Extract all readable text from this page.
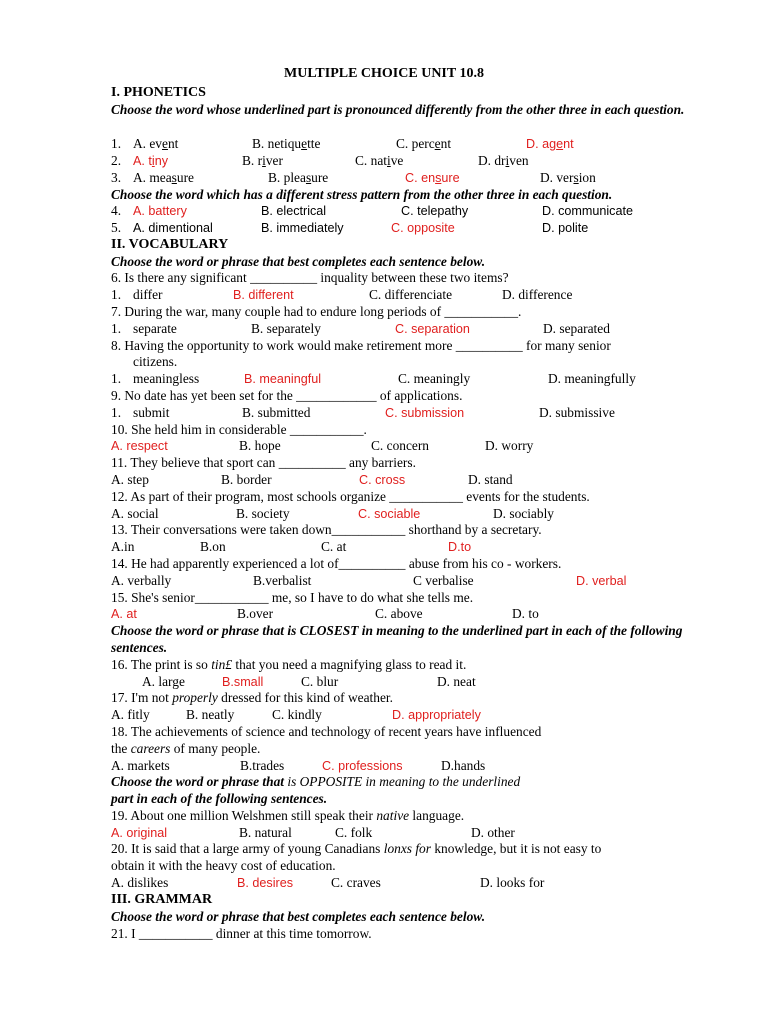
MULTIPLE CHOICE UNIT 10.8
I. PHONETICS
Choose the word whose underlined part is pronounced differently from the other three in each question.
1. A. event	B. netiquette	C. percent	D. agent
2. A. tiny	B. river	C. native	D. driven
3. A. measure	B. pleasure	C. ensure	D. version
Choose the word which has a different stress pattern from the other three in each question.
4. A. battery	B. electrical	C. telepathy	D. communicate
5. A. dimentional	B. immediately	C. opposite	D. polite
II. VOCABULARY
Choose the word or phrase that best completes each sentence below.
6. Is there any significant __________ inquality between these two items?
1. differ	B. different	C. differenciate	D. difference
7. During the war, many couple had to endure long periods of ___________.
1. separate	B. separately	C. separation	D. separated
8. Having the opportunity to work would make retirement more __________ for many senior
citizens.
1. meaningless	B. meaningful	C. meaningly	D. meaningfully
9. No date has yet been set for the ____________ of applications.
1. submit	B. submitted	C. submission	D. submissive
10. She held him in considerable ___________.
A. respect	B. hope	C. concern	D. worry
11. They believe that sport can __________ any barriers.
A. step	B. border	C. cross	D. stand
12. As part of their program, most schools organize ___________ events for the students.
A. social	B. society	C. sociable	D. sociably
13. Their conversations were taken down___________ shorthand by a secretary.
A.in	B.on	C. at	D.to
14. He had apparently experienced a lot of__________ abuse from his co - workers.
A. verbally	B.verbalist	C verbalise	D. verbal
15. She's senior___________ me, so I have to do what she tells me.
A. at	B.over	C. above	D. to
Choose the word or phrase that is CLOSEST in meaning to the underlined part in each of the following sentences.
16. The print is so tin£ that you need a magnifying glass to read it.
A. large	B.small	C. blur	D. neat
17. I'm not properly dressed for this kind of weather.
A. fitly	B. neatly	C. kindly	D. appropriately
18. The achievements of science and technology of recent years have influenced
the careers of many people.
A. markets	B.trades	C. professions	D.hands
Choose the word or phrase that is OPPOSITE in meaning to the underlined part in each of the following sentences.
19. About one million Welshmen still speak their native language.
A. original	B. natural	C. folk	D. other
20. It is said that a large army of young Canadians lonxs for knowledge, but it is not easy to
obtain it with the heavy cost of education.
A. dislikes	B. desires	C. craves	D. looks for
III. GRAMMAR
Choose the word or phrase that best completes each sentence below.
21. I ___________ dinner at this time tomorrow.
